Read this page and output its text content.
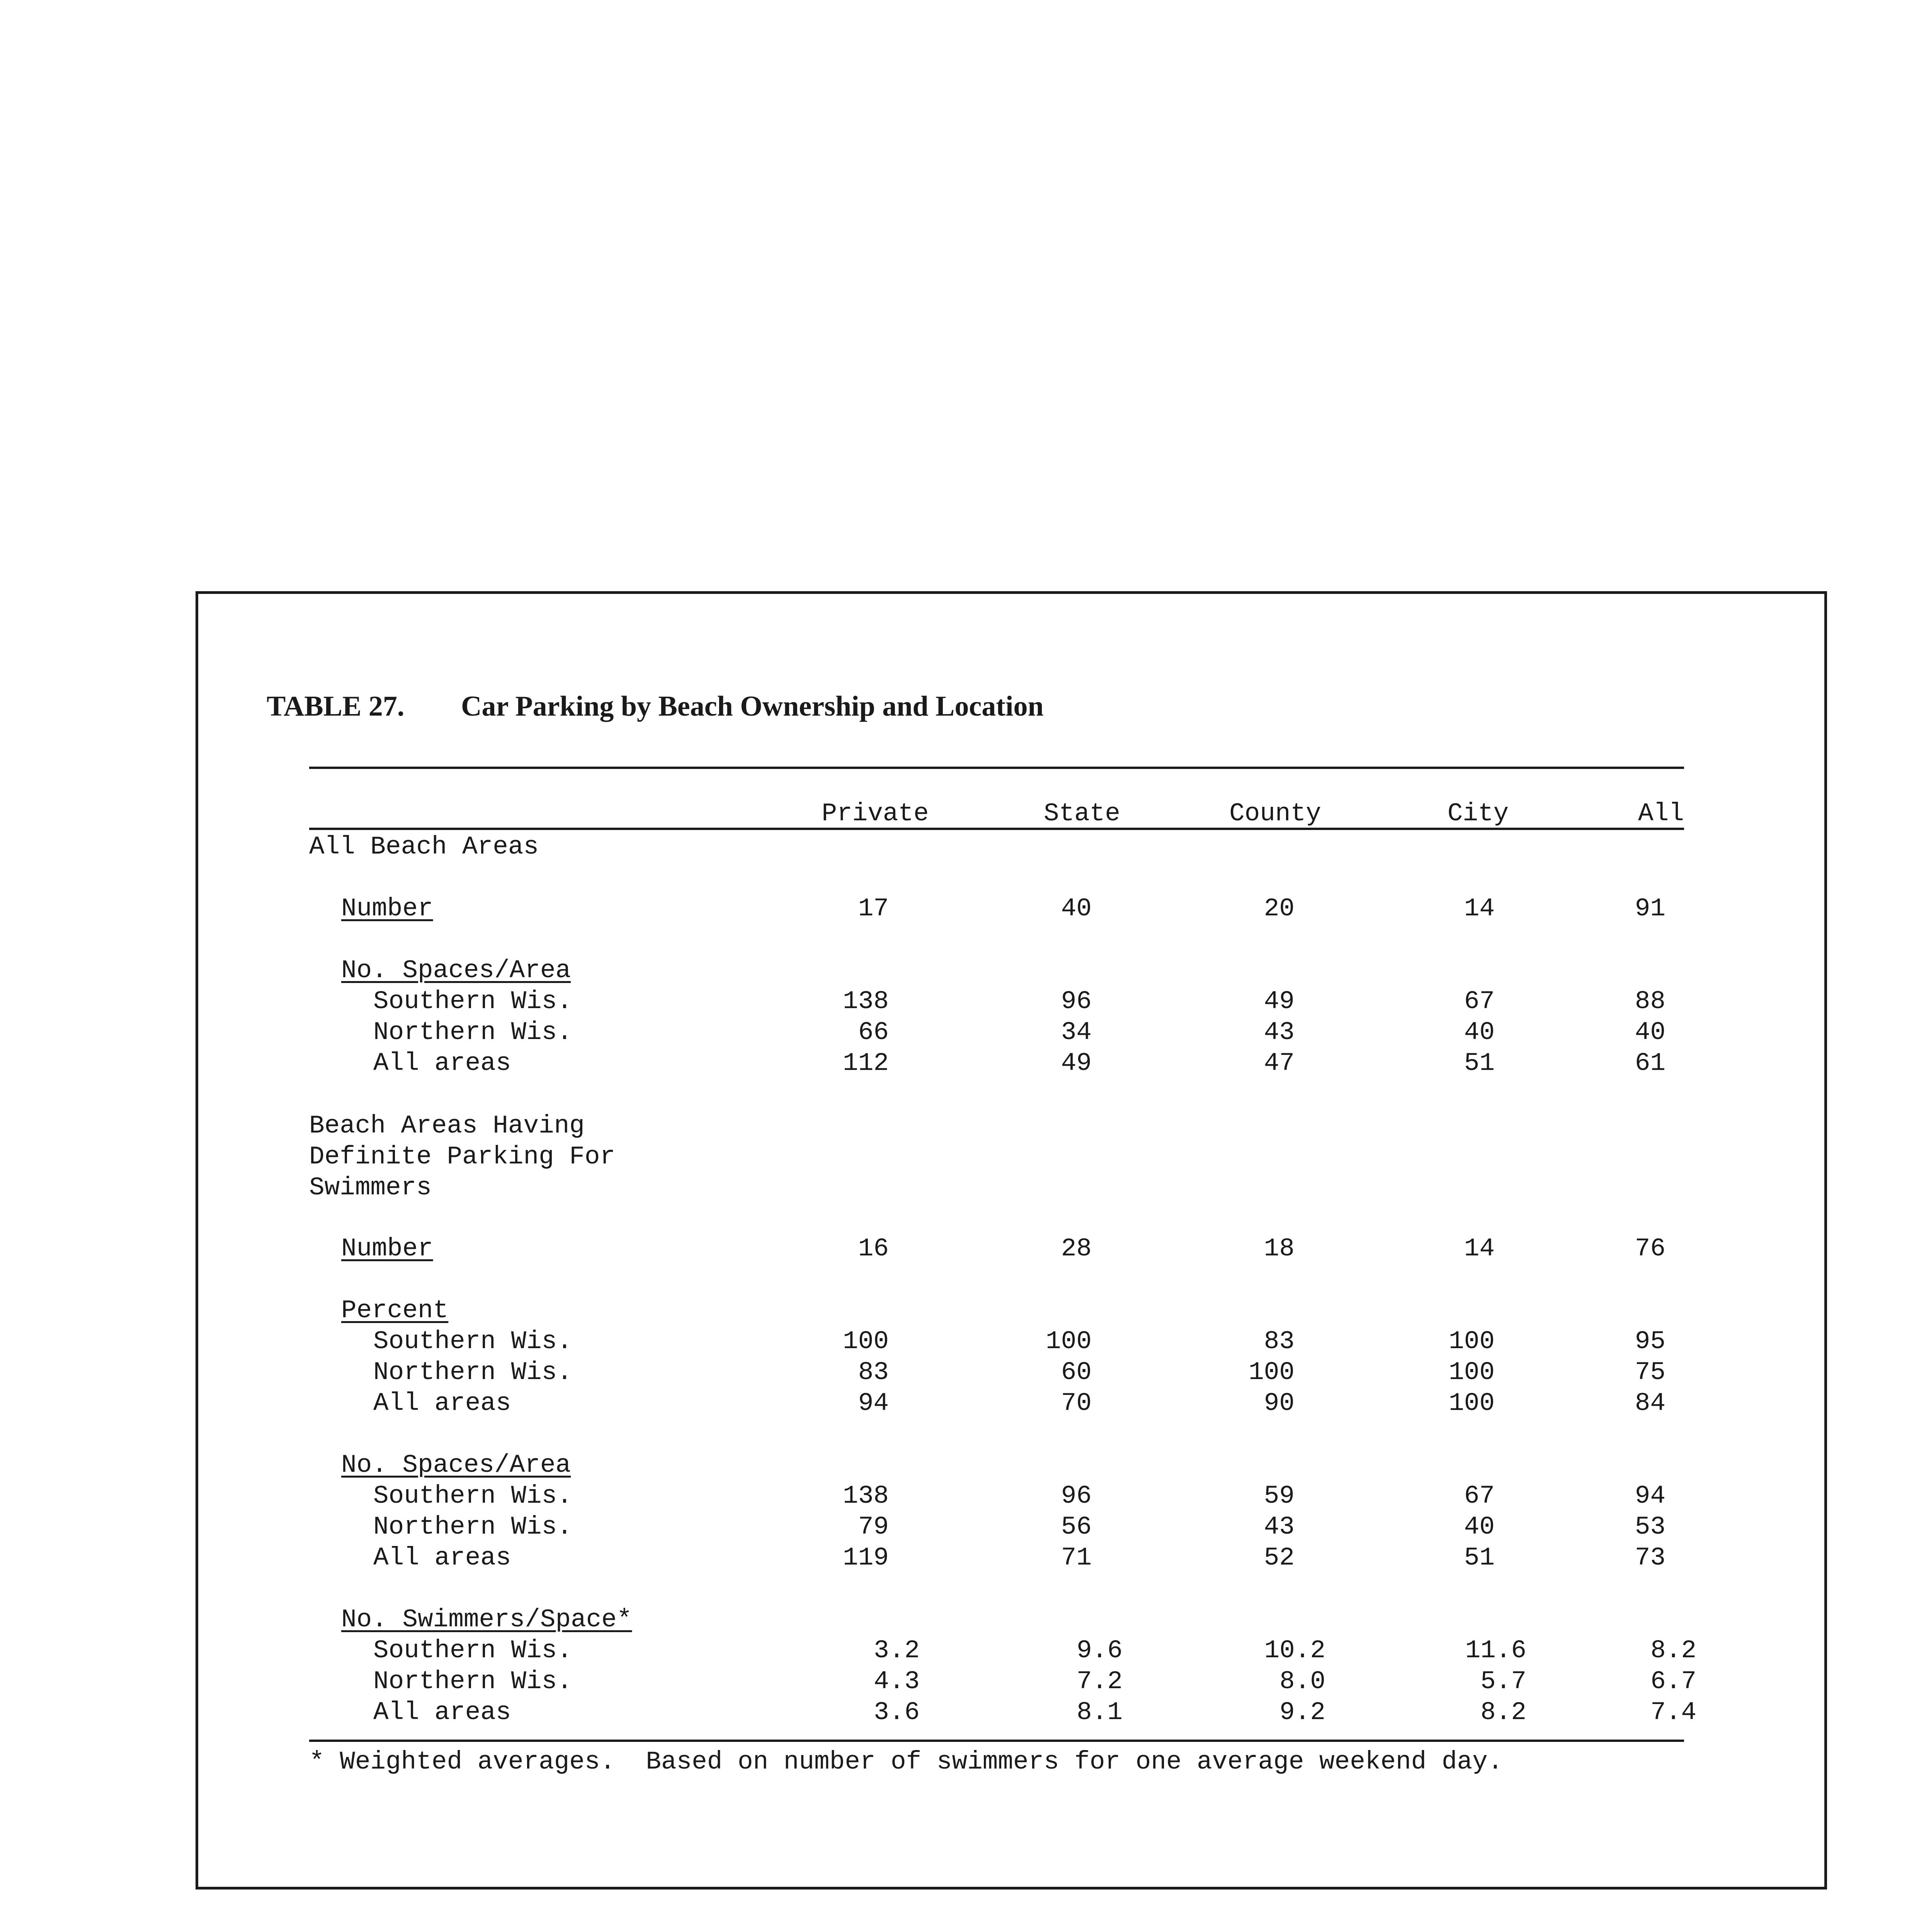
TABLE 27. Car Parking by Beach Ownership and Location
Private	State	County	City	All
All Beach Areas
Number	17	40	20	14	91
No. Spaces/Area
Southern Wis.	138	96	49	67	88
Northern Wis.	66	34	43	40	40
All areas	112	49	47	51	61
Beach Areas Having
Definite Parking For
Swimmers
Number	16	28	18	14	76
Percent
Southern Wis.	100	100	83	100	95
Northern Wis.	83	60	100	100	75
All areas	94	70	90	100	84
No. Spaces/Area
Southern Wis.	138	96	59	67	94
Northern Wis.	79	56	43	40	53
All areas	119	71	52	51	73
No. Swimmers/Space*
Southern Wis.	3.2	9.6	10.2	11.6	8.2
Northern Wis.	4.3	7.2	8.0	5.7	6.7
All areas	3.6	8.1	9.2	8.2	7.4
* Weighted averages.  Based on number of swimmers for one average weekend day.
